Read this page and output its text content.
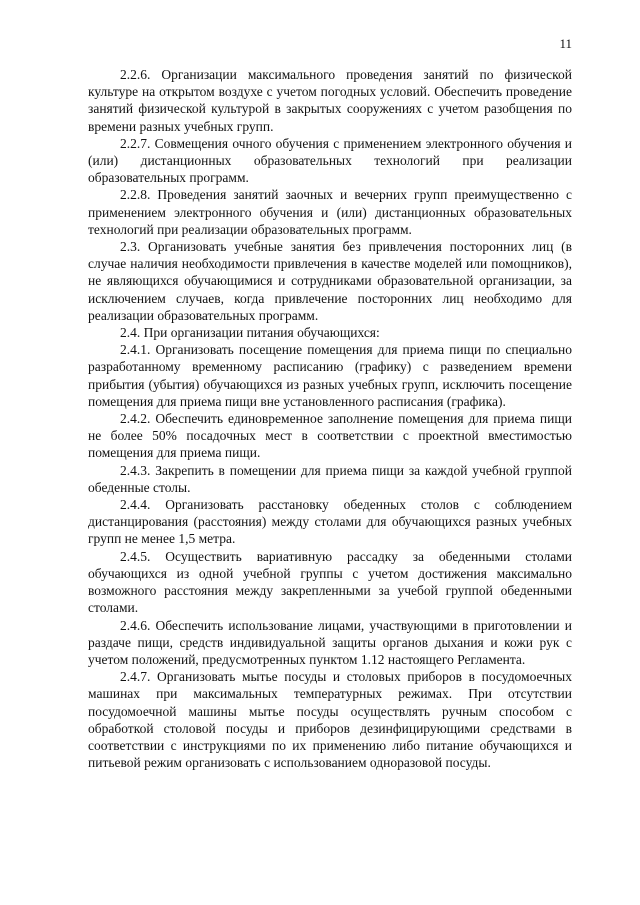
11

2.2.6. Организации максимального проведения занятий по физической культуре на открытом воздухе с учетом погодных условий. Обеспечить проведение занятий физической культурой в закрытых сооружениях с учетом разобщения по времени разных учебных групп.

2.2.7. Совмещения очного обучения с применением электронного обучения и (или) дистанционных образовательных технологий при реализации образовательных программ.

2.2.8. Проведения занятий заочных и вечерних групп преимущественно с применением электронного обучения и (или) дистанционных образовательных технологий при реализации образовательных программ.

2.3. Организовать учебные занятия без привлечения посторонних лиц (в случае наличия необходимости привлечения в качестве моделей или помощников), не являющихся обучающимися и сотрудниками образовательной организации, за исключением случаев, когда привлечение посторонних лиц необходимо для реализации образовательных программ.

2.4. При организации питания обучающихся:

2.4.1. Организовать посещение помещения для приема пищи по специально разработанному временному расписанию (графику) с разведением времени прибытия (убытия) обучающихся из разных учебных групп, исключить посещение помещения для приема пищи вне установленного расписания (графика).

2.4.2. Обеспечить единовременное заполнение помещения для приема пищи не более 50% посадочных мест в соответствии с проектной вместимостью помещения для приема пищи.

2.4.3. Закрепить в помещении для приема пищи за каждой учебной группой обеденные столы.

2.4.4. Организовать расстановку обеденных столов с соблюдением дистанцирования (расстояния) между столами для обучающихся разных учебных групп не менее 1,5 метра.

2.4.5. Осуществить вариативную рассадку за обеденными столами обучающихся из одной учебной группы с учетом достижения максимально возможного расстояния между закрепленными за учебой группой обеденными столами.

2.4.6. Обеспечить использование лицами, участвующими в приготовлении и раздаче пищи, средств индивидуальной защиты органов дыхания и кожи рук с учетом положений, предусмотренных пунктом 1.12 настоящего Регламента.

2.4.7. Организовать мытье посуды и столовых приборов в посудомоечных машинах при максимальных температурных режимах. При отсутствии посудомоечной машины мытье посуды осуществлять ручным способом с обработкой столовой посуды и приборов дезинфицирующими средствами в соответствии с инструкциями по их применению либо питание обучающихся и питьевой режим организовать с использованием одноразовой посуды.
